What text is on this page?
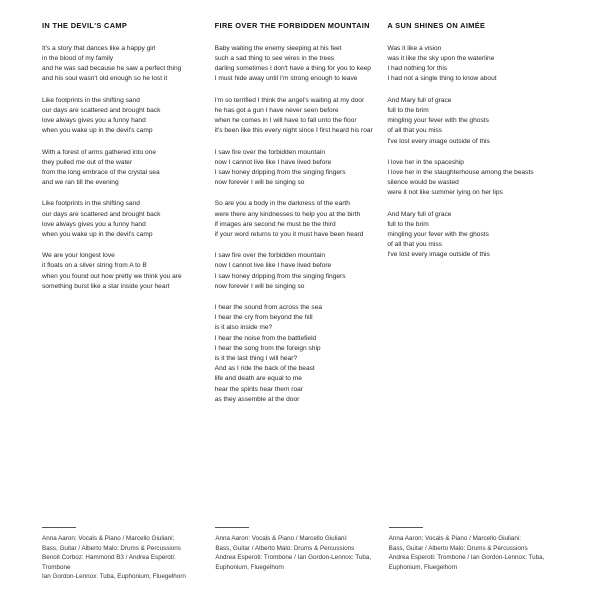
IN THE DEVIL'S CAMP
It's a story that dances like a happy girl
in the blood of my family
and he was sad because he saw a perfect thing
and his soul wasn't old enough so he lost it
Like footprints in the shifting sand
our days are scattered and brought back
love always gives you a funny hand
when you wake up in the devil's camp
With a forest of arms gathered into one
they pulled me out of the water
from the long embrace of the crystal sea
and we ran till the evening
Like footprints in the shifting sand
our days are scattered and brought back
love always gives you a funny hand
when you wake up in the devil's camp
We are your longest love
it floats on a silver string from A to B
when you found out how pretty we think you are
something burst like a star inside your heart
FIRE OVER THE FORBIDDEN MOUNTAIN
Baby waiting the enemy sleeping at his feet
such a sad thing to see wires in the trees
darling sometimes I don't have a thing for you to keep
I must hide away until I'm strong enough to leave
I'm so terrified I think the angel's waiting at my door
he has got a gun I have never seen before
when he comes in I will have to fall unto the floor
it's been like this every night since I first heard his roar
I saw fire over the forbidden mountain
now I cannot live like I have lived before
I saw honey dripping from the singing fingers
now forever I will be singing so
So are you a body in the darkness of the earth
were there any kindnesses to help you at the birth
if images are second he must be the third
if your word returns to you it must have been heard
I saw fire over the forbidden mountain
now I cannot live like I have lived before
I saw honey dripping from the singing fingers
now forever I will be singing so
I hear the sound from across the sea
I hear the cry from beyond the hill
is it also inside me?
I hear the noise from the battlefield
I hear the song from the foreign ship
is it the last thing I will hear?
And as I ride the back of the beast
life and death are equal to me
hear the spirits hear them roar
as they assemble at the door
A SUN SHINES ON AIMÉE
Was it like a vision
was it like the sky upon the waterline
I had nothing for this
I had not a single thing to know about
And Mary full of grace
full to the brim
mingling your fever with the ghosts
of all that you miss
I've lost every image outside of this
I love her in the spaceship
I love her in the slaughterhouse among the beasts
silence would be wasted
were it not like summer lying on her lips
And Mary full of grace
full to the brim
mingling your fever with the ghosts
of all that you miss
I've lost every image outside of this
Anna Aaron: Vocals & Piano / Marcello Giuliani:
Bass, Guitar / Alberto Malo: Drums & Percussions
Benoit Corboz: Hammond B3 / Andrea Esperoti: Trombone
Ian Gordon-Lennox: Tuba, Euphonium, Fluegelhorn
Anna Aaron: Vocals & Piano / Marcello Giuliani:
Bass, Guitar / Alberto Malo: Drums & Percussions
Andrea Esperoti: Trombone / Ian Gordon-Lennox: Tuba,
Euphonium, Fluegelhorn
Anna Aaron: Vocals & Piano / Marcello Giuliani:
Bass, Guitar / Alberto Malo: Drums & Percussions
Andrea Esperoti: Trombone / Ian Gordon-Lennox: Tuba,
Euphonium, Fluegelhorn
